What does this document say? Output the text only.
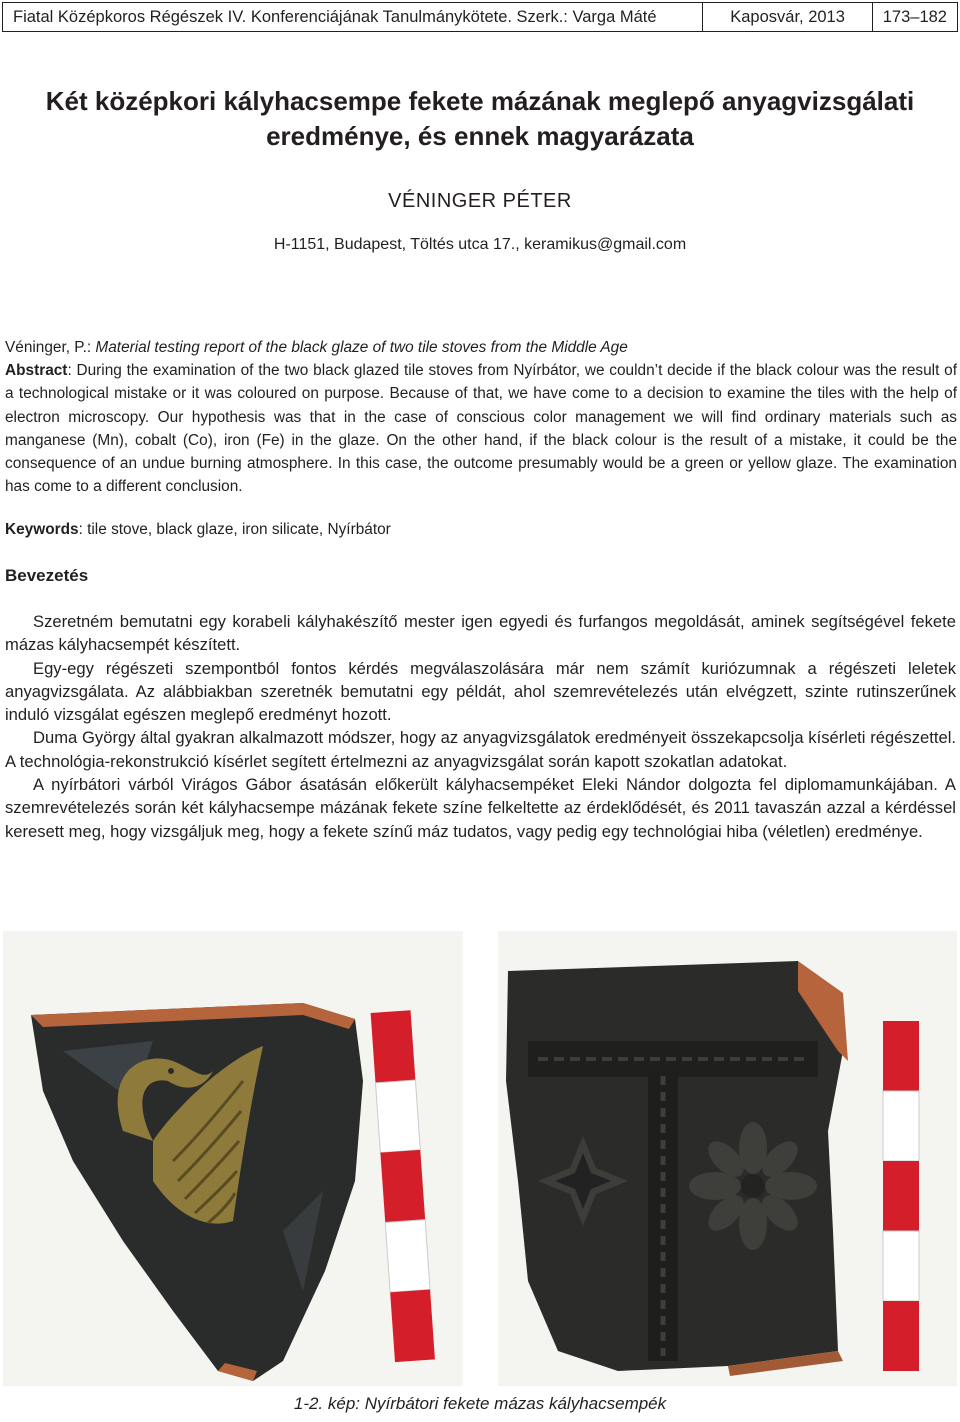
Fiatal Középkoros Régészek IV. Konferenciájának Tanulmánykötete. Szerk.: Varga Máté	Kaposvár, 2013	173–182
Két középkori kályhacsempe fekete mázának meglepő anyagvizsgálati eredménye, és ennek magyarázata
VÉNINGER PÉTER
H-1151, Budapest, Töltés utca 17., keramikus@gmail.com

Véninger, P.: Material testing report of the black glaze of two tile stoves from the Middle Age

Abstract: During the examination of the two black glazed tile stoves from Nyírbátor, we couldn’t decide if the black colour was the result of a technological mistake or it was coloured on purpose. Because of that, we have come to a decision to examine the tiles with the help of electron microscopy. Our hypothesis was that in the case of conscious color management we will find ordinary materials such as manganese (Mn), cobalt (Co), iron (Fe) in the glaze. On the other hand, if the black colour is the result of a mistake, it could be the consequence of an undue burning atmosphere. In this case, the outcome presumably would be a green or yellow glaze. The examination has come to a different conclusion.

Keywords: tile stove, black glaze, iron silicate, Nyírbátor
Bevezetés

Szeretném bemutatni egy korabeli kályhakészítő mester igen egyedi és furfangos megoldását, aminek segítségével fekete mázas kályhacsempét készített.

Egy-egy régészeti szempontból fontos kérdés megválaszolására már nem számít kuriózumnak a régészeti leletek anyagvizsgálata. Az alábbiakban szeretnék bemutatni egy példát, ahol szemrevételezés után elvégzett, szinte rutinszerűnek induló vizsgálat egészen meglepő eredményt hozott.

Duma György által gyakran alkalmazott módszer, hogy az anyagvizsgálatok eredményeit összekapcsolja kísérleti régészettel. A technológia-rekonstrukció kísérlet segített értelmezni az anyagvizsgálat során kapott szokatlan adatokat.

A nyírbátori várból Virágos Gábor ásatásán előkerült kályhacsempéket Eleki Nándor dolgozta fel diplomamunkájában. A szemrevételezés során két kályhacsempe mázának fekete színe felkeltette az érdeklődését, és 2011 tavaszán azzal a kérdéssel keresett meg, hogy vizsgáljuk meg, hogy a fekete színű máz tudatos, vagy pedig egy technológiai hiba (véletlen) eredménye.

1-2. kép: Nyírbátori fekete mázas kályhacsempék
